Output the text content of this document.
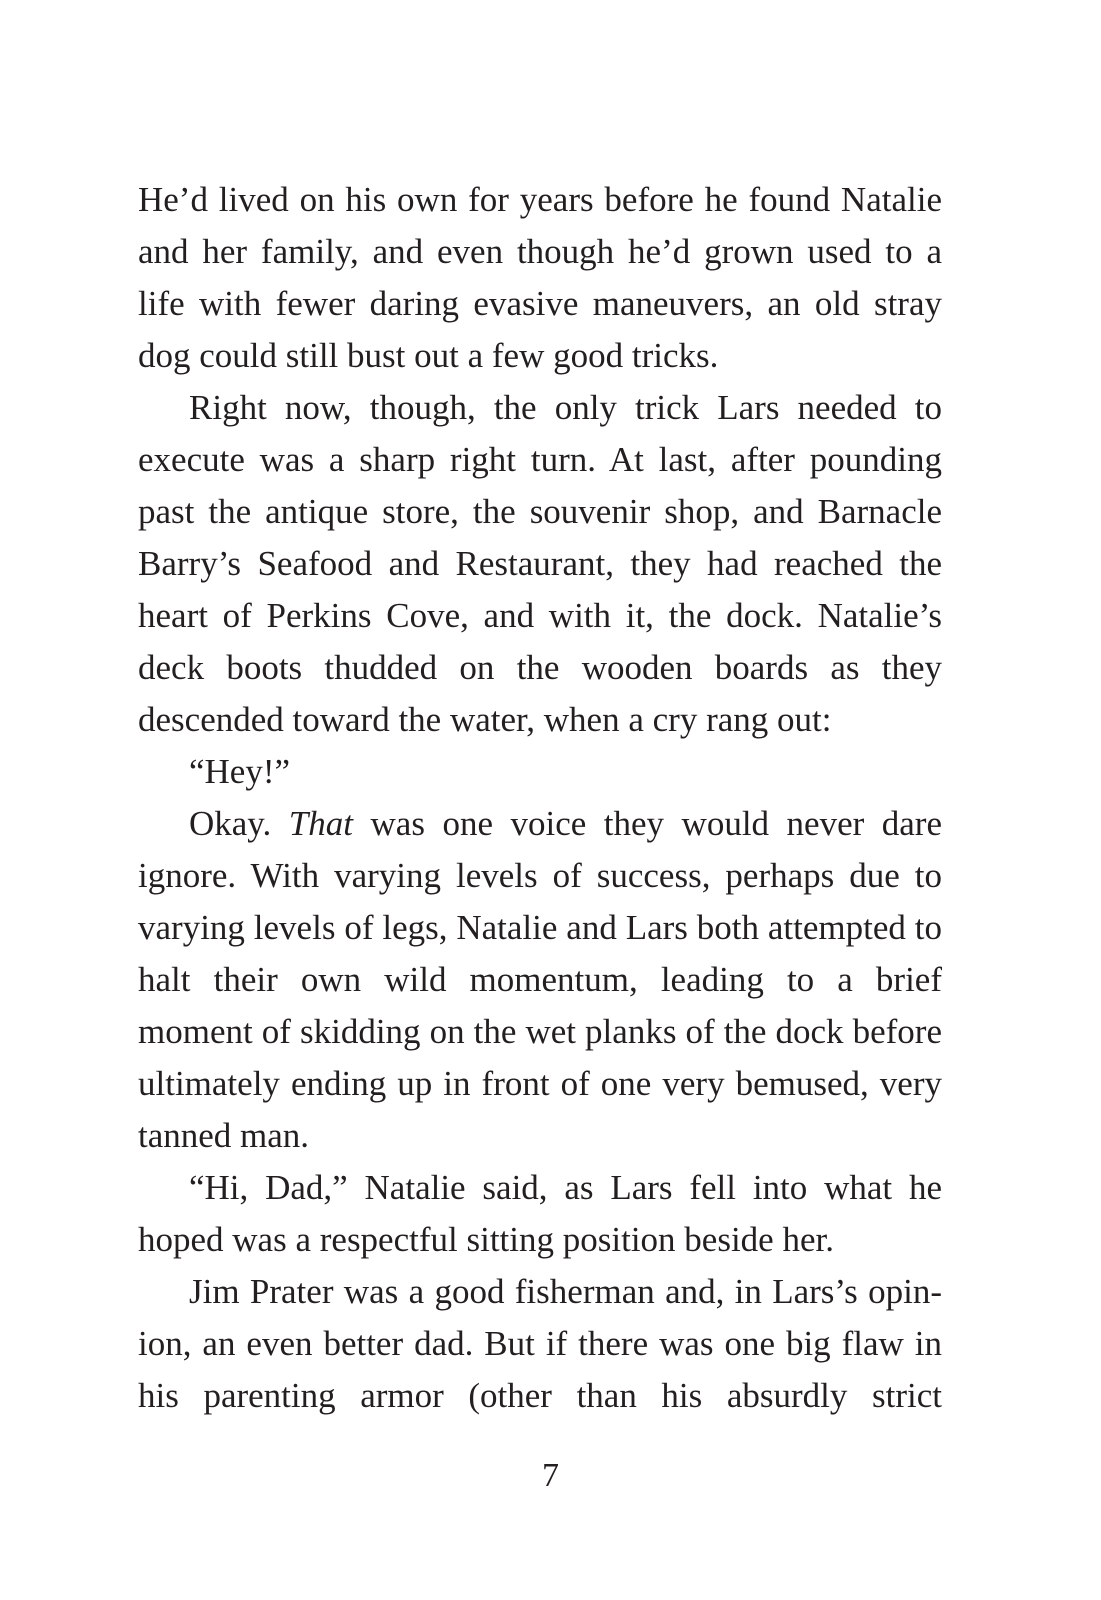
He’d lived on his own for years before he found Natalie and her family, and even though he’d grown used to a life with fewer daring evasive maneuvers, an old stray dog could still bust out a few good tricks.

Right now, though, the only trick Lars needed to execute was a sharp right turn. At last, after pounding past the antique store, the souvenir shop, and Barnacle Barry’s Seafood and Restaurant, they had reached the heart of Perkins Cove, and with it, the dock. Natalie’s deck boots thudded on the wooden boards as they descended toward the water, when a cry rang out:

“Hey!”

Okay. That was one voice they would never dare ignore. With varying levels of success, perhaps due to varying levels of legs, Natalie and Lars both attempted to halt their own wild momentum, leading to a brief moment of skidding on the wet planks of the dock before ultimately ending up in front of one very bemused, very tanned man.

“Hi, Dad,” Natalie said, as Lars fell into what he hoped was a respectful sitting position beside her.

Jim Prater was a good fisherman and, in Lars’s opinion, an even better dad. But if there was one big flaw in his parenting armor (other than his absurdly strict

7
